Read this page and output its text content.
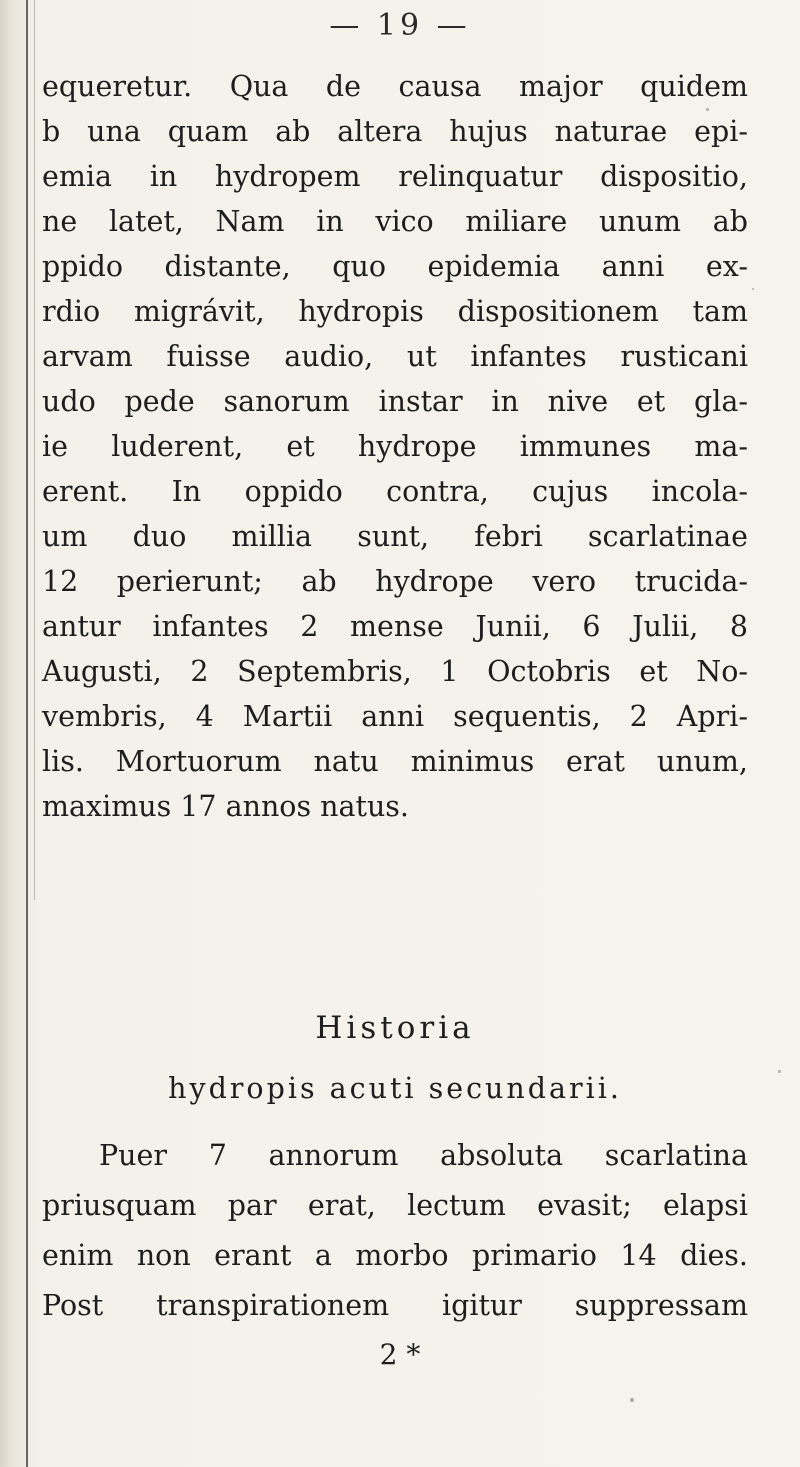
— 19 —
equeretur. Qua de causa major quidem
b una quam ab altera hujus naturae epi-
emia in hydropem relinquatur dispositio,
ne latet, Nam in vico miliare unum ab
ppido distante, quo epidemia anni ex-
rdio migrávit, hydropis dispositionem tam
arvam fuisse audio, ut infantes rusticani
udo pede sanorum instar in nive et gla-
ie luderent, et hydrope immunes ma-
erent. In oppido contra, cujus incola-
um duo millia sunt, febri scarlatinae
12 perierunt; ab hydrope vero trucida-
antur infantes 2 mense Junii, 6 Julii, 8
Augusti, 2 Septembris, 1 Octobris et No-
vembris, 4 Martii anni sequentis, 2 Apri-
lis. Mortuorum natu minimus erat unum,
maximus 17 annos natus.
Historia
hydropis acuti secundarii.
Puer 7 annorum absoluta scarlatina
priusquam par erat, lectum evasit; elapsi
enim non erant a morbo primario 14 dies.
Post transpirationem igitur suppressam
2 *
